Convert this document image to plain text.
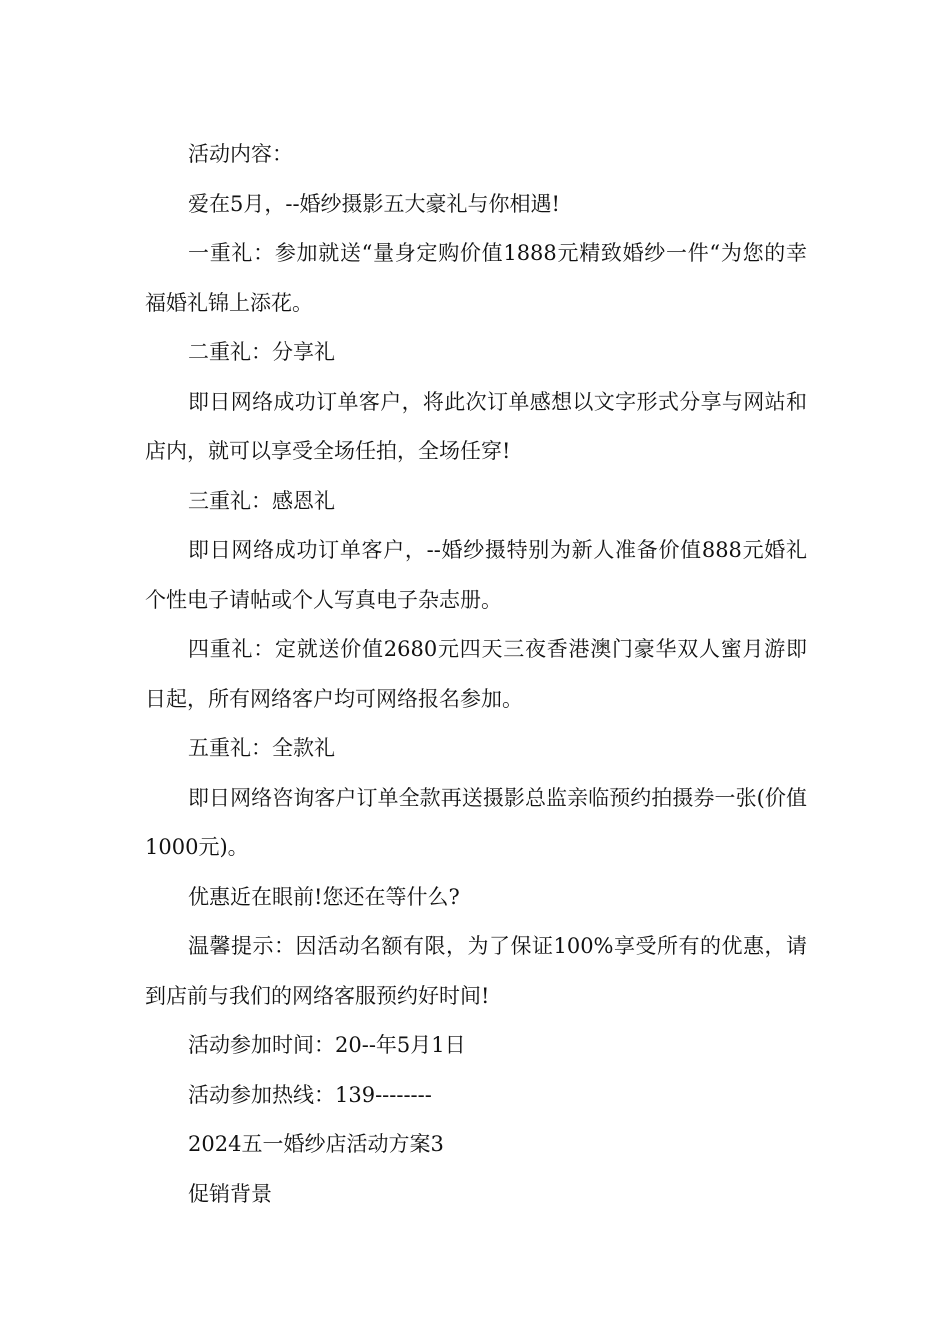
活动内容：

爱在5月，--婚纱摄影五大豪礼与你相遇!

一重礼：参加就送“量身定购价值1888元精致婚纱一件“为您的幸福婚礼锦上添花。

二重礼：分享礼

即日网络成功订单客户，将此次订单感想以文字形式分享与网站和店内，就可以享受全场任拍，全场任穿!

三重礼：感恩礼

即日网络成功订单客户，--婚纱摄特别为新人准备价值888元婚礼个性电子请帖或个人写真电子杂志册。

四重礼：定就送价值2680元四天三夜香港澳门豪华双人蜜月游即日起，所有网络客户均可网络报名参加。

五重礼：全款礼

即日网络咨询客户订单全款再送摄影总监亲临预约拍摄券一张(价值1000元)。

优惠近在眼前!您还在等什么?

温馨提示：因活动名额有限，为了保证100%享受所有的优惠，请到店前与我们的网络客服预约好时间!

活动参加时间：20--年5月1日

活动参加热线：139--------

2024五一婚纱店活动方案3

促销背景
